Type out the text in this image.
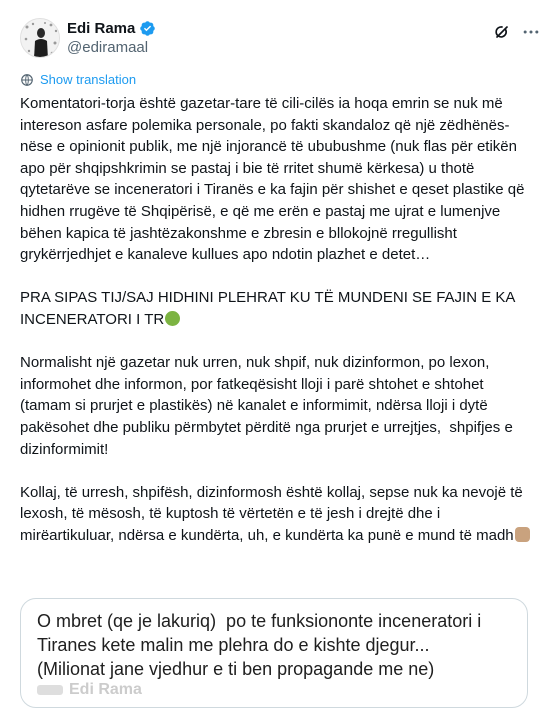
Edi Rama
@ediramaal
Show translation
Komentatori-torja është gazetar-tare të cili-cilës ia hoqa emrin se nuk më intereson asfare polemika personale, po fakti skandaloz që një zëdhënës-nëse e opinionit publik, me një injorancë të ububushme (nuk flas për etikën apo për shqipshkrimin se pastaj i bie të rritet shumë kërkesa) u thotë qytetarëve se inceneratori i Tiranës e ka fajin për shishet e qeset plastike që hidhen rrugëve të Shqipërisë, e që me erën e pastaj me ujrat e lumenjve bëhen kapica të jashtëzakonshme e zbresin e bllokojnë rregullisht grykërrjedhjet e kanaleve kullues apo ndotin plazhet e detet…

PRA SIPAS TIJ/SAJ HIDHINI PLEHRAT KU TË MUNDENI SE FAJIN E KA INCENERATORI I TR

Normalisht një gazetar nuk urren, nuk shpif, nuk dizinformon, po lexon, informohet dhe informon, por fatkeqësisht lloji i parë shtohet e shtohet (tamam si prurjet e plastikës) në kanalet e informimit, ndërsa lloji i dytë pakësohet dhe publiku përmbytet përditë nga prurjet e urrejtjes,  shpifjes e dizinformimit!

Kollaj, të urresh, shpifësh, dizinformosh është kollaj, sepse nuk ka nevojë të lexosh, të mësosh, të kuptosh të vërtetën e të jesh i drejtë dhe i mirëartikuluar, ndërsa e kundërta, uh, e kundërta ka punë e mund të madh
O mbret (qe je lakuriq)  po te funksiononte inceneratori i Tiranes kete malin me plehra do e kishte djegur...
(Milionat jane vjedhur e ti ben propagande me ne)
Edi Rama
